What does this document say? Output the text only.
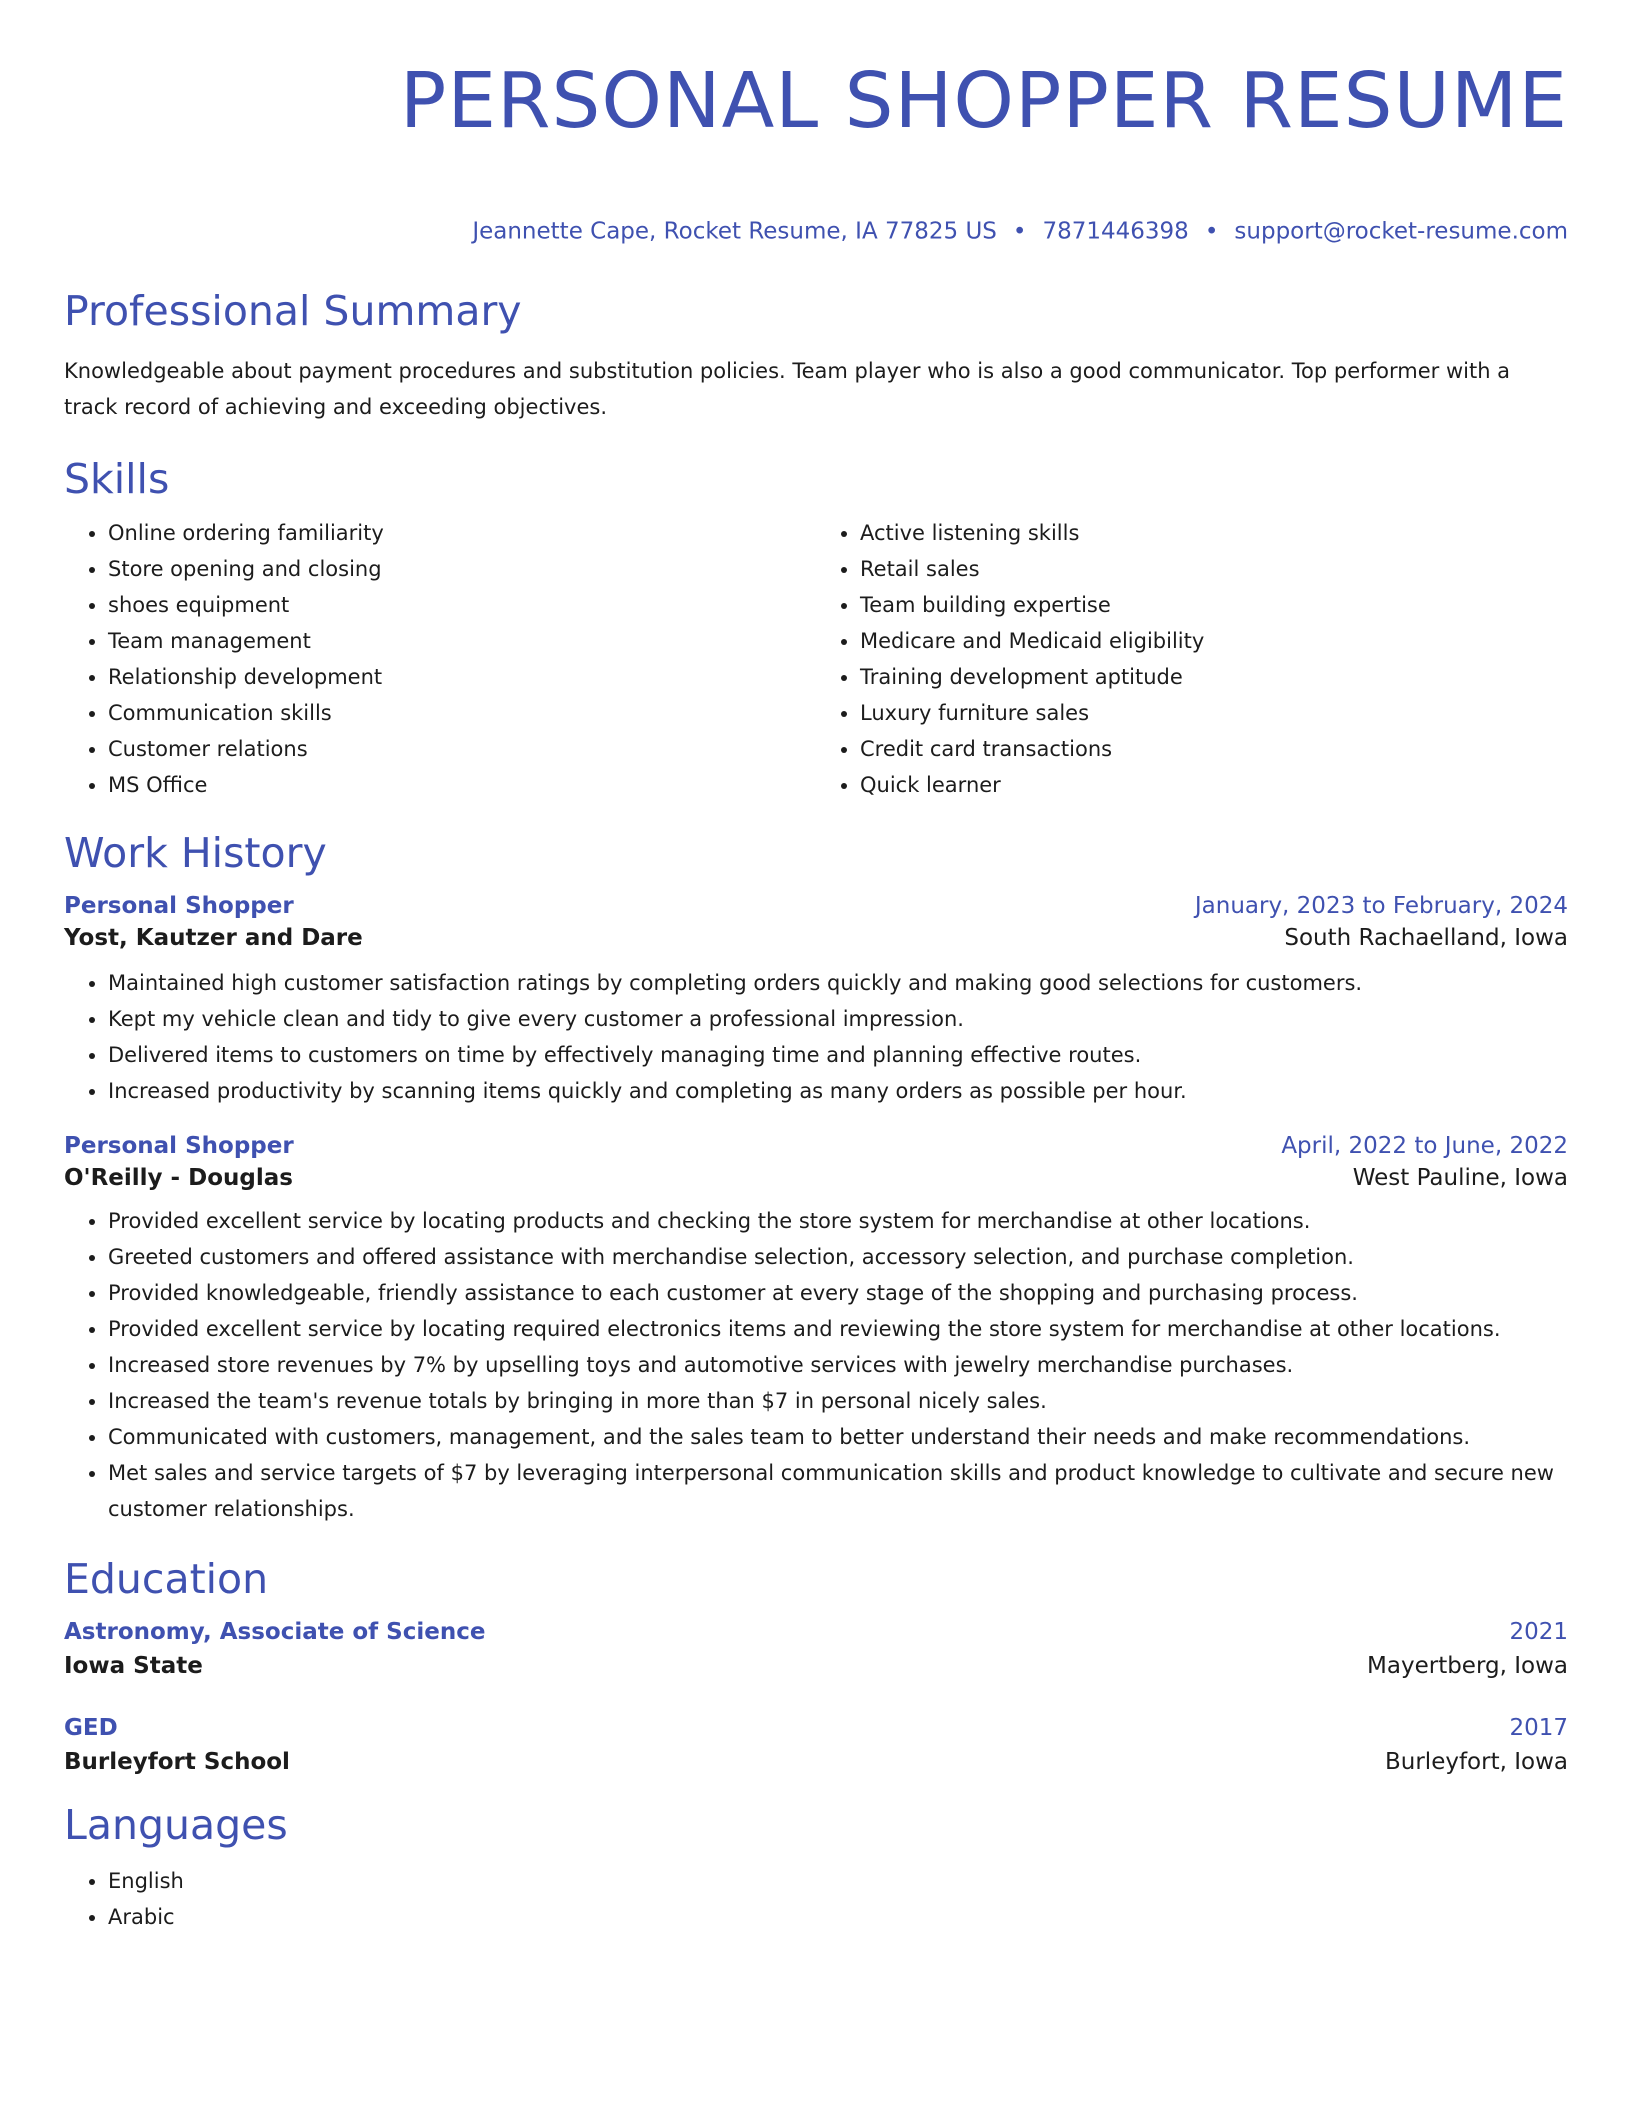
PERSONAL SHOPPER RESUME
Jeannette Cape, Rocket Resume, IA 77825 US • 7871446398 • support@rocket-resume.com
Professional Summary

Knowledgeable about payment procedures and substitution policies. Team player who is also a good communicator. Top performer with a track record of achieving and exceeding objectives.

Skills
• Online ordering familiarity
• Store opening and closing
• shoes equipment
• Team management
• Relationship development
• Communication skills
• Customer relations
• MS Office
• Active listening skills
• Retail sales
• Team building expertise
• Medicare and Medicaid eligibility
• Training development aptitude
• Luxury furniture sales
• Credit card transactions
• Quick learner
Work History
Personal Shopper	January, 2023 to February, 2024
Yost, Kautzer and Dare	South Rachaelland, Iowa
• Maintained high customer satisfaction ratings by completing orders quickly and making good selections for customers.
• Kept my vehicle clean and tidy to give every customer a professional impression.
• Delivered items to customers on time by effectively managing time and planning effective routes.
• Increased productivity by scanning items quickly and completing as many orders as possible per hour.
Personal Shopper	April, 2022 to June, 2022
O'Reilly - Douglas	West Pauline, Iowa
• Provided excellent service by locating products and checking the store system for merchandise at other locations.
• Greeted customers and offered assistance with merchandise selection, accessory selection, and purchase completion.
• Provided knowledgeable, friendly assistance to each customer at every stage of the shopping and purchasing process.
• Provided excellent service by locating required electronics items and reviewing the store system for merchandise at other locations.
• Increased store revenues by 7% by upselling toys and automotive services with jewelry merchandise purchases.
• Increased the team's revenue totals by bringing in more than $7 in personal nicely sales.
• Communicated with customers, management, and the sales team to better understand their needs and make recommendations.
• Met sales and service targets of $7 by leveraging interpersonal communication skills and product knowledge to cultivate and secure new customer relationships.
Education
Astronomy, Associate of Science	2021
Iowa State	Mayertberg, Iowa
GED	2017
Burleyfort School	Burleyfort, Iowa
Languages
• English
• Arabic
